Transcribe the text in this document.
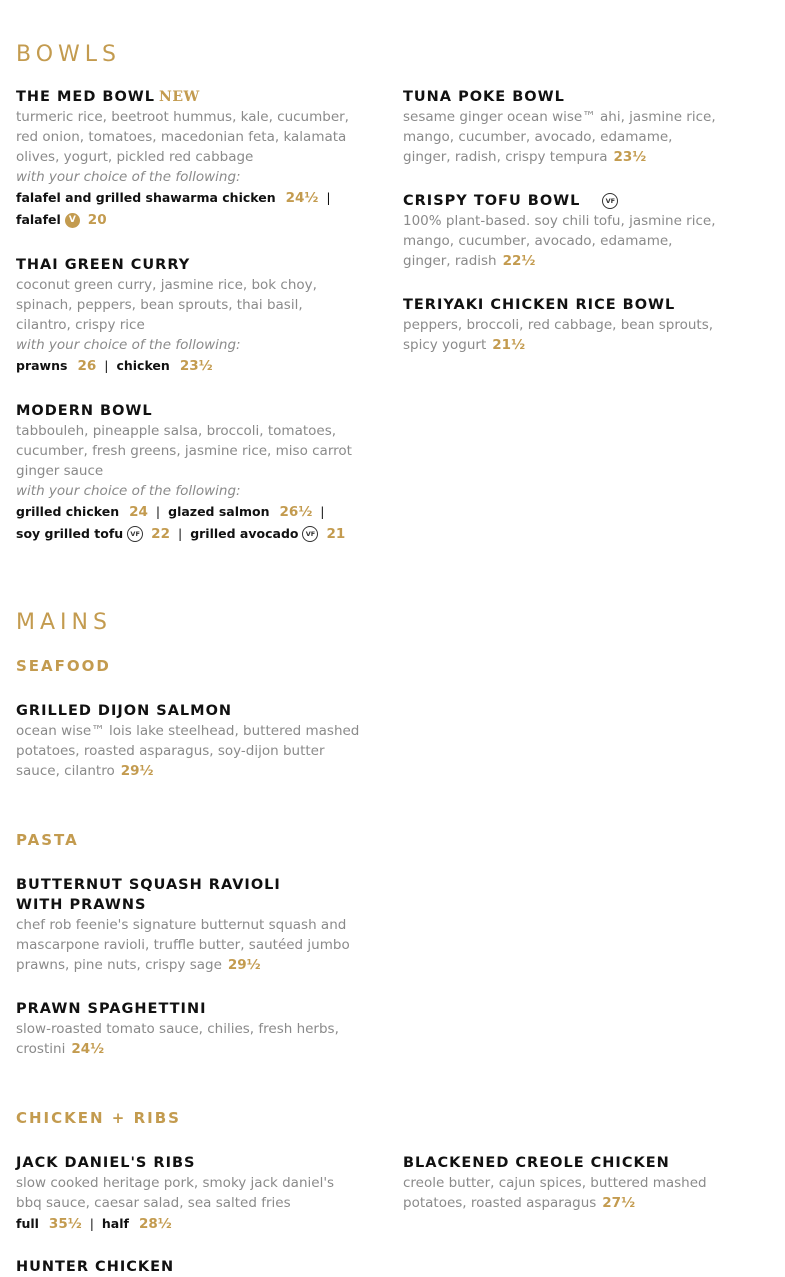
BOWLS
THE MED BOWL NEW
turmeric rice, beetroot hummus, kale, cucumber, red onion, tomatoes, macedonian feta, kalamata olives, yogurt, pickled red cabbage
with your choice of the following:
falafel and grilled shawarma chicken 24½ |
falafel V 20
THAI GREEN CURRY
coconut green curry, jasmine rice, bok choy, spinach, peppers, bean sprouts, thai basil, cilantro, crispy rice
with your choice of the following:
prawns 26 | chicken 23½
MODERN BOWL
tabbouleh, pineapple salsa, broccoli, tomatoes, cucumber, fresh greens, jasmine rice, miso carrot ginger sauce
with your choice of the following:
grilled chicken 24 | glazed salmon 26½ |
soy grilled tofu VF 22 | grilled avocado VF 21
TUNA POKE BOWL
sesame ginger ocean wise™ ahi, jasmine rice, mango, cucumber, avocado, edamame, ginger, radish, crispy tempura 23½
CRISPY TOFU BOWL	VF
100% plant-based. soy chili tofu, jasmine rice, mango, cucumber, avocado, edamame, ginger, radish 22½
TERIYAKI CHICKEN RICE BOWL
peppers, broccoli, red cabbage, bean sprouts, spicy yogurt 21½
MAINS
SEAFOOD
GRILLED DIJON SALMON
ocean wise™ lois lake steelhead, buttered mashed potatoes, roasted asparagus, soy-dijon butter sauce, cilantro 29½
PASTA
BUTTERNUT SQUASH RAVIOLI
WITH PRAWNS
chef rob feenie's signature butternut squash and mascarpone ravioli, truffle butter, sautéed jumbo prawns, pine nuts, crispy sage 29½
PRAWN SPAGHETTINI
slow-roasted tomato sauce, chilies, fresh herbs, crostini 24½
CHICKEN + RIBS
JACK DANIEL'S RIBS
slow cooked heritage pork, smoky jack daniel's bbq sauce, caesar salad, sea salted fries
full 35½ | half 28½
BLACKENED CREOLE CHICKEN
creole butter, cajun spices, buttered mashed potatoes, roasted asparagus 27½
HUNTER CHICKEN
